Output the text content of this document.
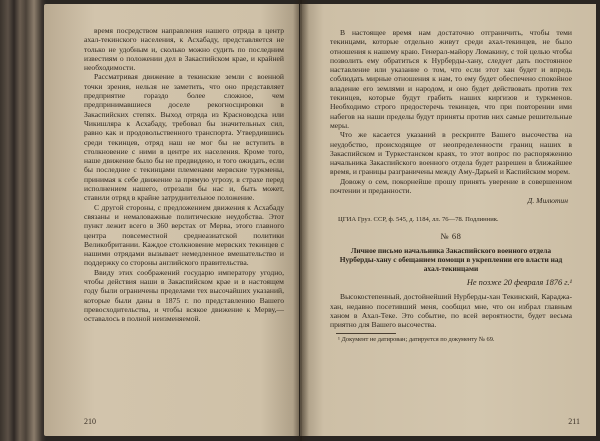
время посредством направления нашего отряда в центр ахал-текинского населения, к Асхабаду, представляется не только не удобным и, сколько можно судить по последним известиям о положении дел в Закаспийском крае, и крайней необходимости.

Рассматривая движение в текинские земли с военной точки зрения, нельзя не заметить, что оно представляет предприятие гораздо более сложное, чем предпринимавшиеся доселе рекогносцировки в Закаспийских степях. Выход отряда из Красноводска или Чикишляра к Асхабаду, требовал бы значительных сил, равно как и продовольственного транспорта. Утвердившись среди текинцев, отряд наш не мог бы не вступить в столкновение с ними в центре их населения. Кроме того, наше движение было бы не предвидено, и того ожидать, если бы последние с текинцами племенами мервские туркмены, принимая к себе движение за прямую угрозу, в страхе перед исполнением нашего, отрезали бы нас и, быть может, ставили отряд в крайне затруднительное положение.

С другой стороны, с предложением движения к Асхабаду связаны и немаловажные политические неудобства. Этот пункт лежит всего в 360 верстах от Мерва, этого главного центра повсеместной среднеазиатской политики Великобритании. Каждое столкновение мервских текинцев с нашими отрядами вызывает немедленное вмешательство и поддержку со стороны английского правительства.

Ввиду этих соображений государю императору угодно, чтобы действия наши в Закаспийском крае и в настоящем году были ограничены пределами тех высочайших указаний, которые были даны в 1875 г. по представлению Вашего превосходительства, и чтобы всякое движение к Мерву,—оставалось в полной неизменяемой.

210

В настоящее время нам достаточно отграничить, чтобы теми текинцами, которые отдельно живут среди ахал-текинцев, не было отношения к нашему краю. Генерал-майору Ломакину, с той целью чтобы позволить ему обратиться к Нурберды-хану, следует дать постоянное наставление или указание о том, что если этот хан будет и впредь соблюдать мирные отношения к нам, то ему будет обеспечено спокойное владение его землями и народом, и оно будет действовать против тех текинцев, которые будут грабить наших киргизов и туркменов. Необходимо строго предостеречь текинцев, что при повторении ими набегов на наши пределы будут приняты против них самые решительные меры.

Что же касается указаний в рескрипте Вашего высочества на неудобство, происходящее от неопределенности границ наших в Закаспийском и Туркестанском краях, то этот вопрос по распоряжению начальника Закаспийского военного отдела будет разрешен в ближайшее время, и границы разграничены между Аму-Дарьей и Каспийским морем.

Довожу о сем, покорнейше прошу принять уверение в совершенном почтении и преданности.

Д. Милютин
ЦГИА Груз. ССР, ф. 545, д. 1184, лл. 76—78. Подлинник.
№ 68
Личное письмо начальника Закаспийского военного отдела Нурберды-хану с обещанием помощи в укреплении его власти над ахал-текинцами
Не позже 20 февраля 1876 г.¹

Высокостепенный, достойнейший Нурберды-хан Текинский, Караджа-хан, недавно посетивший меня, сообщил мне, что он избрал главным ханом в Ахал-Теке. Это событие, по всей вероятности, будет весьма приятно для Вашего высочества.

¹ Документ не датирован; датируется по документу № 69.
211
